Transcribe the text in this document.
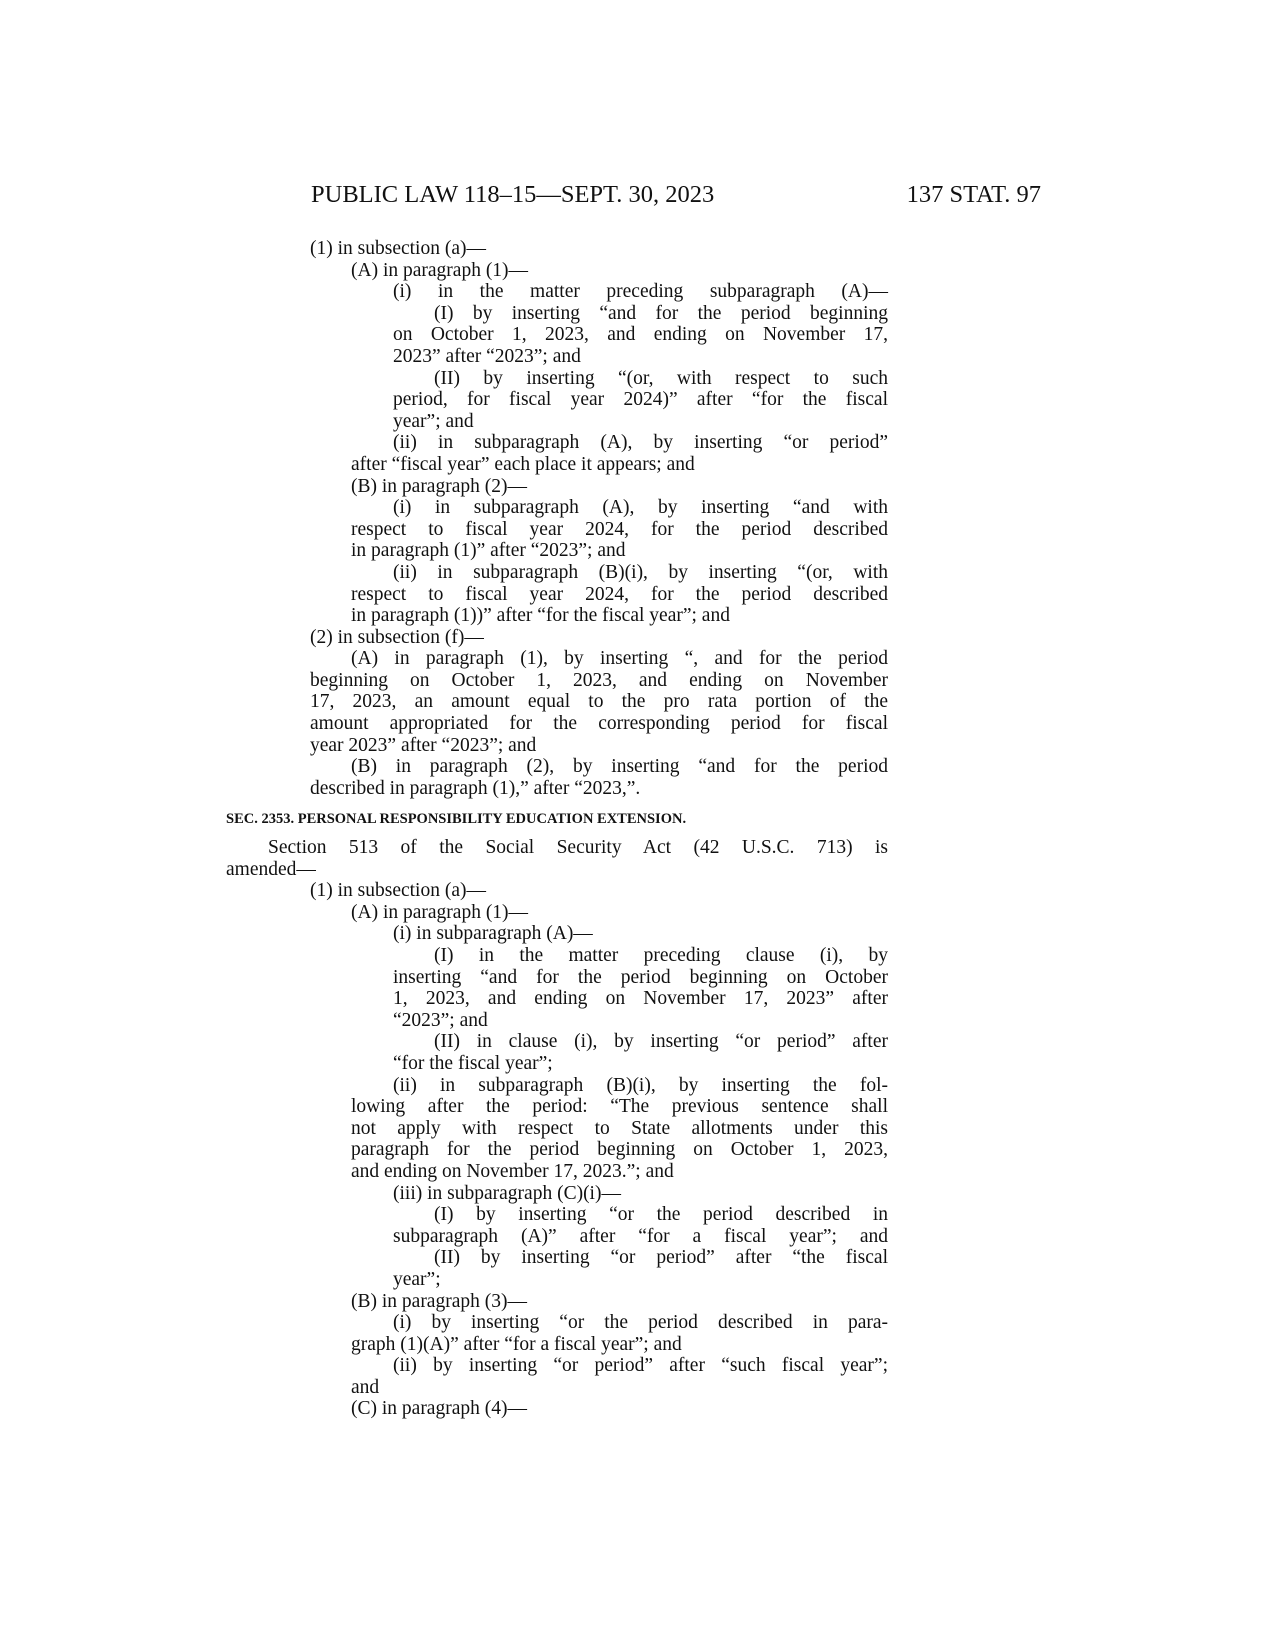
PUBLIC LAW 118–15—SEPT. 30, 2023	137 STAT. 97
(1) in subsection (a)—
(A) in paragraph (1)—
(i) in the matter preceding subparagraph (A)—
(I) by inserting “and for the period beginning
on October 1, 2023, and ending on November 17,
2023” after “2023”; and
(II) by inserting “(or, with respect to such
period, for fiscal year 2024)” after “for the fiscal
year”; and
(ii) in subparagraph (A), by inserting “or period”
after “fiscal year” each place it appears; and
(B) in paragraph (2)—
(i) in subparagraph (A), by inserting “and with
respect to fiscal year 2024, for the period described
in paragraph (1)” after “2023”; and
(ii) in subparagraph (B)(i), by inserting “(or, with
respect to fiscal year 2024, for the period described
in paragraph (1))” after “for the fiscal year”; and
(2) in subsection (f)—
(A) in paragraph (1), by inserting “, and for the period
beginning on October 1, 2023, and ending on November
17, 2023, an amount equal to the pro rata portion of the
amount appropriated for the corresponding period for fiscal
year 2023” after “2023”; and
(B) in paragraph (2), by inserting “and for the period
described in paragraph (1),” after “2023,”.
SEC. 2353. PERSONAL RESPONSIBILITY EDUCATION EXTENSION.
Section 513 of the Social Security Act (42 U.S.C. 713) is
amended—
(1) in subsection (a)—
(A) in paragraph (1)—
(i) in subparagraph (A)—
(I) in the matter preceding clause (i), by
inserting “and for the period beginning on October
1, 2023, and ending on November 17, 2023” after
“2023”; and
(II) in clause (i), by inserting “or period” after
“for the fiscal year”;
(ii) in subparagraph (B)(i), by inserting the fol-
lowing after the period: “The previous sentence shall
not apply with respect to State allotments under this
paragraph for the period beginning on October 1, 2023,
and ending on November 17, 2023.”; and
(iii) in subparagraph (C)(i)—
(I) by inserting “or the period described in
subparagraph (A)” after “for a fiscal year”; and
(II) by inserting “or period” after “the fiscal
year”;
(B) in paragraph (3)—
(i) by inserting “or the period described in para-
graph (1)(A)” after “for a fiscal year”; and
(ii) by inserting “or period” after “such fiscal year”;
and
(C) in paragraph (4)—
